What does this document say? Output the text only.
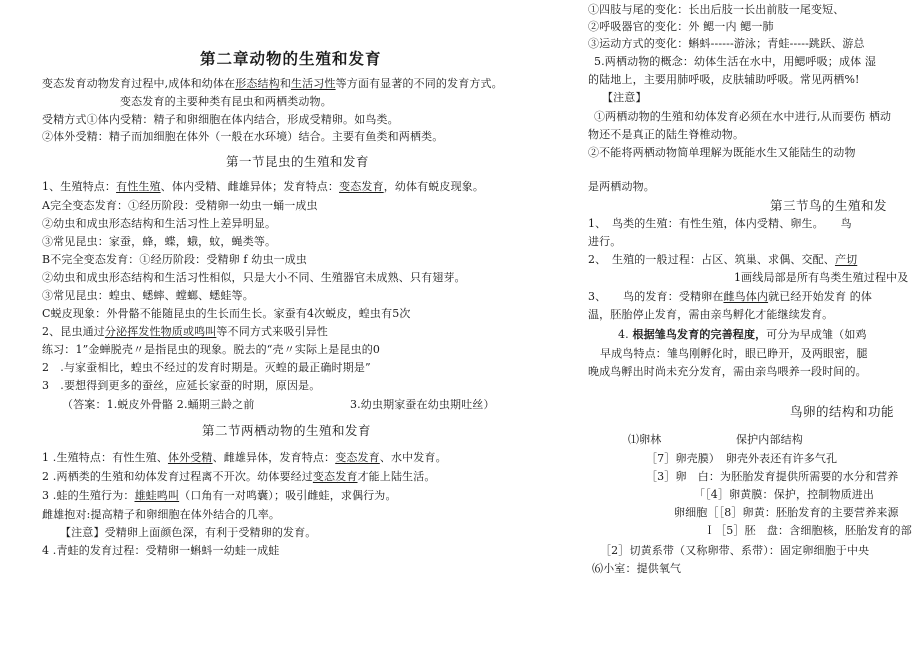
第二章动物的生殖和发育
变态发育动物发育过程中,成体和幼体在形态结构和生活习性等方面有显著的不同的发育方式。
变态发育的主要种类有昆虫和两栖类动物。
受精方式①体内受精：精子和卵细胞在体内结合，形成受精卵。如鸟类。
②体外受精：精子而加细胞在体外（一般在水环境）结合。主要有鱼类和两栖类。
第一节昆虫的生殖和发育
1、生殖特点：有性生殖、体内受精、雌雄异体；发育特点：变态发育，幼体有蜕皮现象。
A完全变态发育：①经历阶段：受精卵一幼虫一蛹一成虫
②幼虫和成虫形态结构和生活习性上差异明显。
③常见昆虫：家蚕，蜂，蝶，蛾，蚊，蝇类等。
B不完全变态发育：①经历阶段：受精卵 f 幼虫一成虫
②幼虫和成虫形态结构和生活习性相似，只是大小不同、生殖器官未成熟、只有翅芽。
③常见昆虫：蝗虫、蟋蟀、螳螂、蟋蛙等。
C蜕皮现象：外骨骼不能随昆虫的生长而生长。家蚕有4次蜕皮，蝗虫有5次
2、昆虫通过分泌挥发性物质或鸣叫等不同方式来吸引异性
练习：1”金蝉脱壳〃是指昆虫的现象。脱去的“壳〃实际上是昆虫的0
2　.与家蚕相比，蝗虫不经过的发育时期是。灭蝗的最正确时期是”
3　.要想得到更多的蚕丝，应延长家蚕的时期，原因是。
（答案：1.蜕皮外骨骼 2.蛹期三龄之前	3.幼虫期家蚕在幼虫期吐丝）
第二节两栖动物的生殖和发育
1 .生殖特点：有性生殖、体外受精、雌雄异体，发育特点：变态发育、水中发育。
2 .两栖类的生殖和幼体发育过程离不开次。幼体要经过变态发育才能上陆生活。
3 .蛙的生殖行为：雄蛙鸣叫（口角有一对鸣囊）；吸引雌蛙，求偶行为。
雌雄抱对:提高精子和卵细胞在体外结合的几率。
【注意】受精卵上面颜色深，有利于受精卵的发育。
4 .青蛙的发育过程：受精卵一蝌蚪一幼蛙一成蛙
①四肢与尾的变化：长出后肢一长出前肢一尾变短、
②呼吸器官的变化：外 鳃一内 鳃一肺
③运动方式的变化：蝌蚪------游泳；青蛙-----跳跃、游总
5.两栖动物的概念：幼体生活在水中，用鳃呼吸；成体 湿
的陆地上，主要用肺呼吸，皮肤辅助呼吸。常见两栖%!
【注意】
①两栖动物的生殖和幼体发育必须在水中进行,从而要伤 栖动
物还不是真正的陆生脊椎动物。
②不能将两栖动物简单理解为既能水生又能陆生的动物
是两栖动物。
第三节鸟的生殖和发
1、　鸟类的生殖：有性生殖，体内受精、卵生。　　鸟
进行。
2、　生殖的一般过程：占区、筑巢、求偶、交配、产切
1画线局部是所有鸟类生殖过程中及
3、　　鸟的发育：受精卵在雌鸟体内就已经开始发育 的体
温，胚胎停止发育，需由亲鸟孵化才能继续发育。
4. 根据雏鸟发育的完善程度，可分为早成雏（如鸡
早成鸟特点：雏鸟刚孵化时，眼已睁开，及两眼密，腿
晚成鸟孵出时尚未充分发育，需由亲鸟喂养一段时间的。
鸟卵的结构和功能
⑴卵林	保护内部结构
［7］卵壳膜）　卵壳外表还有许多气孔
［3］卵　白：为胚胎发育提供所需要的水分和营养
「［4］卵黄膜：保护，控制物质进出
卵细胞［［8］卵黄：胚胎发育的主要营养来源
Ｉ［5］胚　盘：含细胞核，胚胎发育的部
［2］切黄系带（又称卵带、系带）：固定卵细胞于中央
⑹小室：提供氧气
